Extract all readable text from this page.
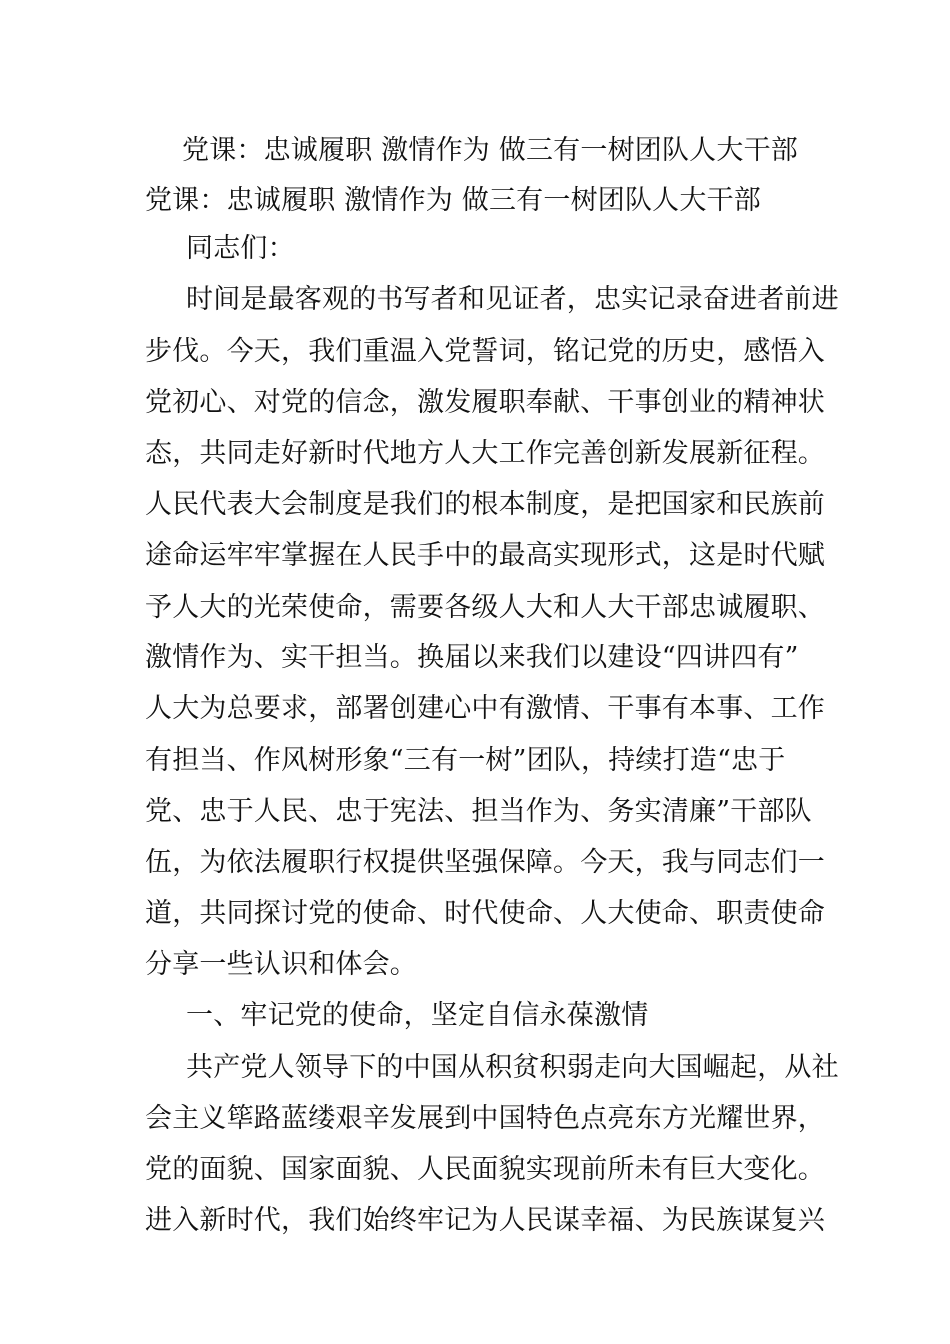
党课：忠诚履职 激情作为 做三有一树团队人大干部
党课：忠诚履职 激情作为 做三有一树团队人大干部
同志们：
时间是最客观的书写者和见证者，忠实记录奋进者前进
步伐。今天，我们重温入党誓词，铭记党的历史，感悟入
党初心、对党的信念，激发履职奉献、干事创业的精神状
态，共同走好新时代地方人大工作完善创新发展新征程。
人民代表大会制度是我们的根本制度，是把国家和民族前
途命运牢牢掌握在人民手中的最高实现形式，这是时代赋
予人大的光荣使命，需要各级人大和人大干部忠诚履职、
激情作为、实干担当。换届以来我们以建设“四讲四有”
人大为总要求，部署创建心中有激情、干事有本事、工作
有担当、作风树形象“三有一树”团队，持续打造“忠于
党、忠于人民、忠于宪法、担当作为、务实清廉”干部队
伍，为依法履职行权提供坚强保障。今天，我与同志们一
道，共同探讨党的使命、时代使命、人大使命、职责使命
分享一些认识和体会。
一、牢记党的使命，坚定自信永葆激情
共产党人领导下的中国从积贫积弱走向大国崛起，从社
会主义筚路蓝缕艰辛发展到中国特色点亮东方光耀世界，
党的面貌、国家面貌、人民面貌实现前所未有巨大变化。
进入新时代，我们始终牢记为人民谋幸福、为民族谋复兴
